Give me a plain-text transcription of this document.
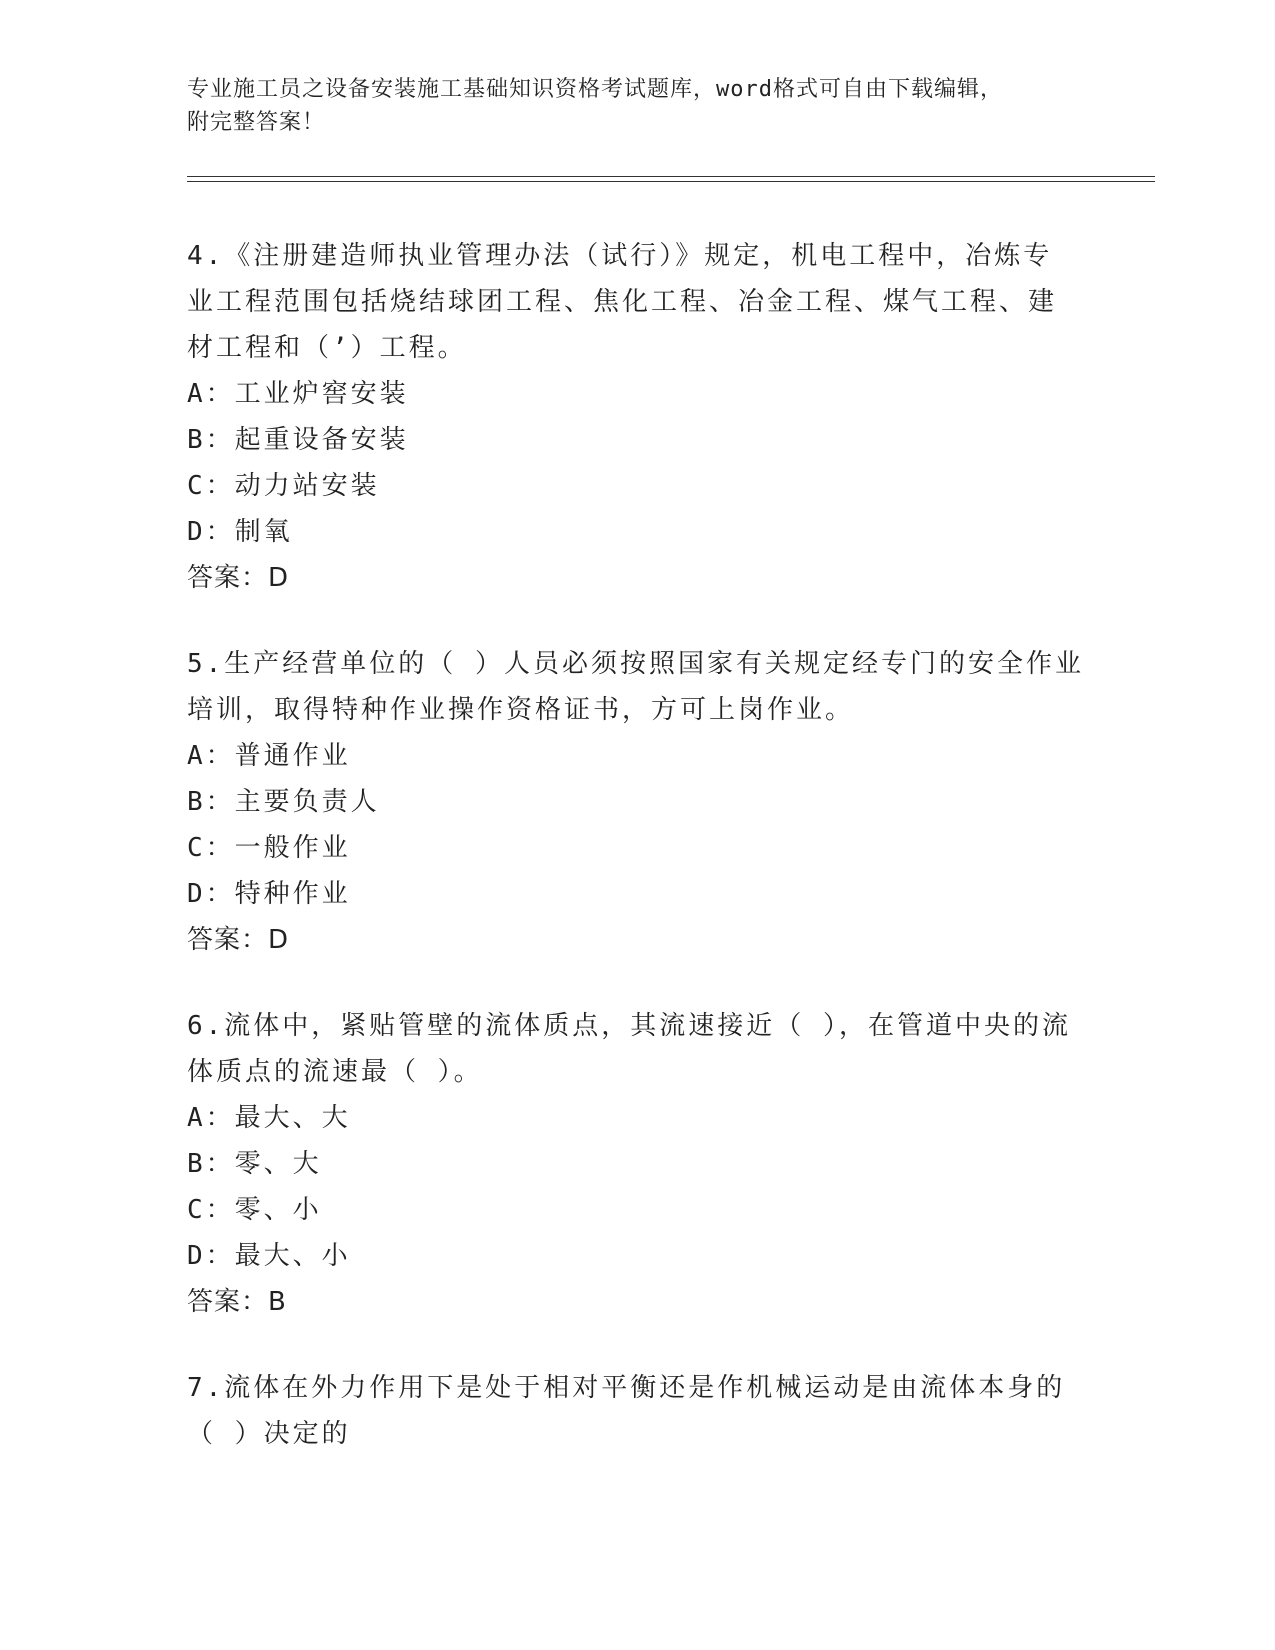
专业施工员之设备安装施工基础知识资格考试题库，word格式可自由下载编辑，
附完整答案！
4.《注册建造师执业管理办法（试行）》规定，机电工程中，冶炼专
业工程范围包括烧结球团工程、焦化工程、冶金工程、煤气工程、建
材工程和（’）工程。
A：工业炉窖安装
B：起重设备安装
C：动力站安装
D：制氧
答案：D
5.生产经营单位的（ ）人员必须按照国家有关规定经专门的安全作业
培训，取得特种作业操作资格证书，方可上岗作业。
A：普通作业
B：主要负责人
C：一般作业
D：特种作业
答案：D
6.流体中，紧贴管壁的流体质点，其流速接近（ ），在管道中央的流
体质点的流速最（ ）。
A：最大、大
B：零、大
C：零、小
D：最大、小
答案：B
7.流体在外力作用下是处于相对平衡还是作机械运动是由流体本身的
（ ）决定的
